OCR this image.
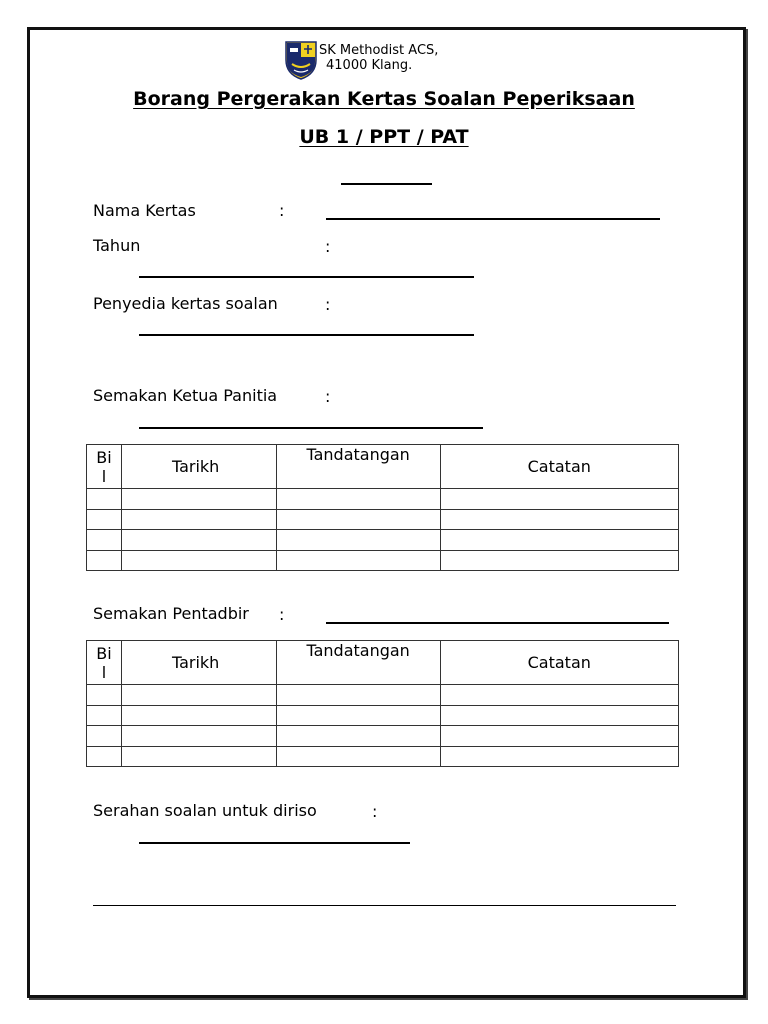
SK Methodist ACS,
41000 Klang.
Borang Pergerakan Kertas Soalan Peperiksaan
UB 1 / PPT / PAT
Nama Kertas	:
Tahun	:
Penyedia kertas soalan	:
Semakan Ketua Panitia	:
Bi
l	Tarikh	Tandatangan	Catatan

Semakan Pentadbir :
Bi
l	Tarikh	Tandatangan	Catatan

Serahan soalan untuk diriso	:
